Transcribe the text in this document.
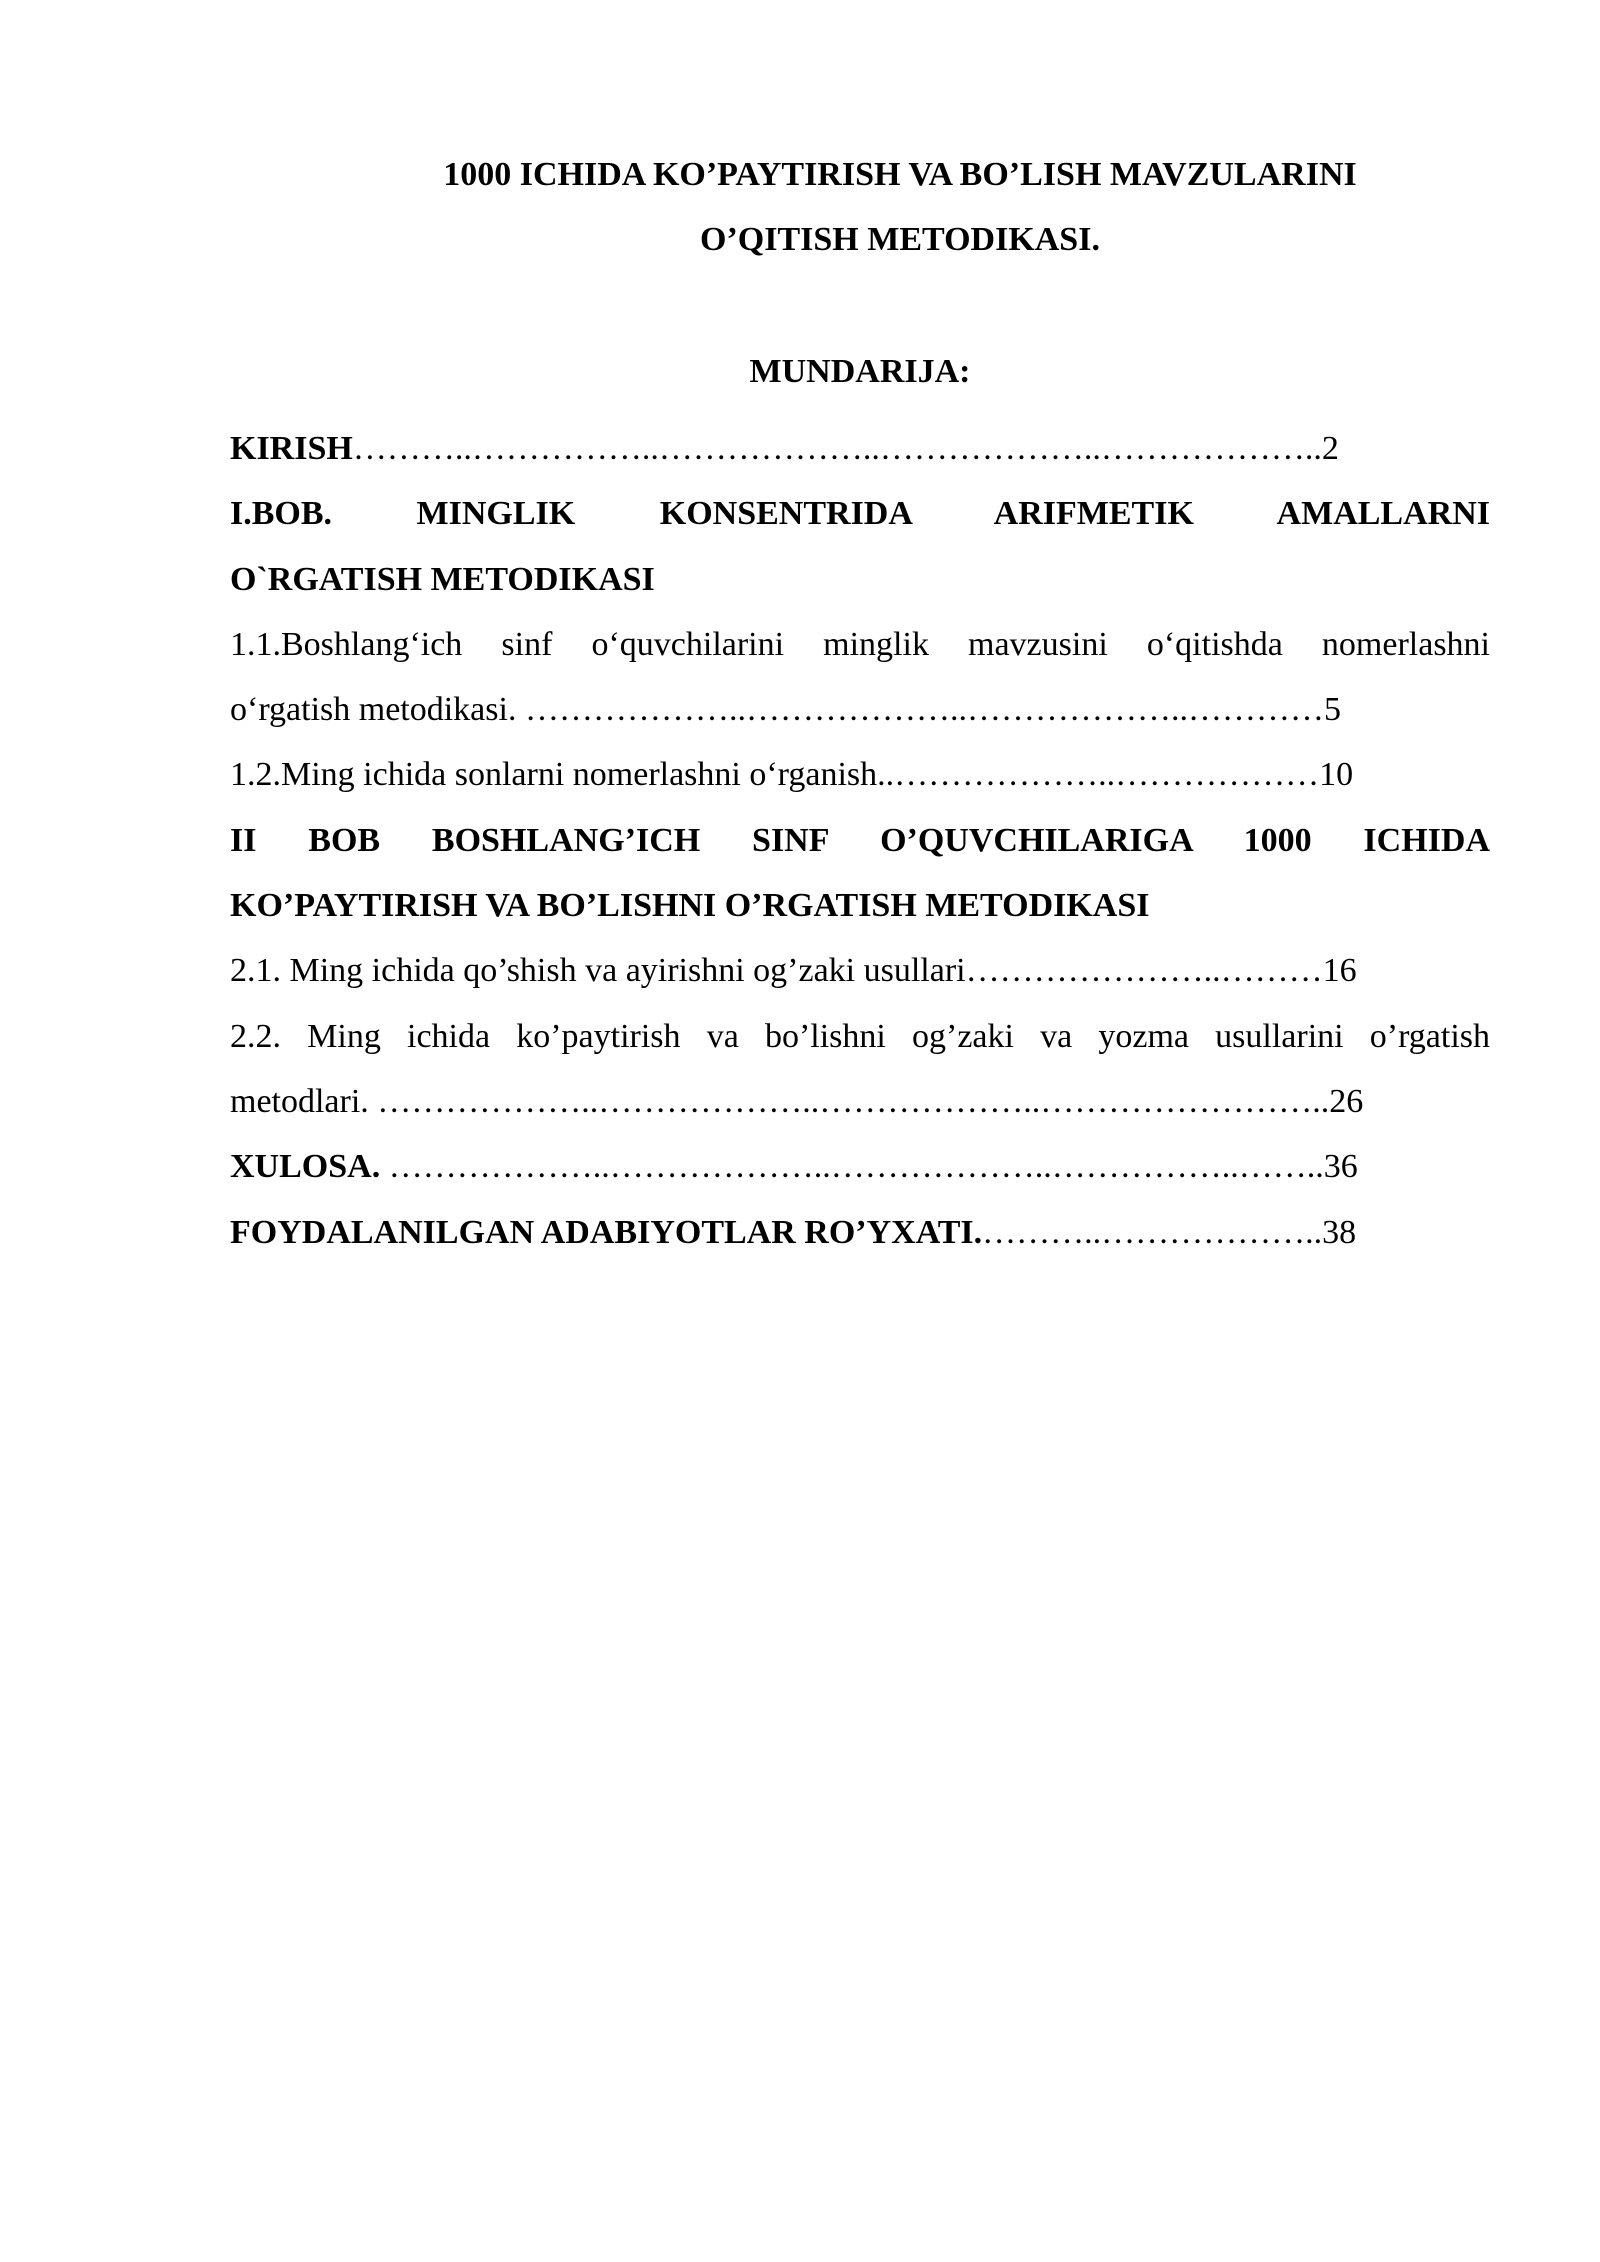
1000 ICHIDA KO’PAYTIRISH VA BO’LISH MAVZULARINI
O’QITISH METODIKASI.
MUNDARIJA:
KIRISH………..……………..………………..………………..………………..2
I.BOB. MINGLIK KONSENTRIDA ARIFMETIK AMALLARNI
O`RGATISH METODIKASI
1.1.Boshlang‘ich sinf o‘quvchilarini minglik mavzusini o‘qitishda nomerlashni
o‘rgatish metodikasi. ………………..………………..………………..…………5
1.2.Ming ichida sonlarni nomerlashni o‘rganish..………………..………………10
II BOB BOSHLANG’ICH SINF O’QUVCHILARIGA 1000 ICHIDA
KO’PAYTIRISH VA BO’LISHNI O’RGATISH METODIKASI
2.1. Ming ichida qo’shish va ayirishni og’zaki usullari…………………..………16
2.2. Ming ichida ko’paytirish va bo’lishni og’zaki va yozma usullarini o’rgatish
metodlari. ………………..………………..………………..……………………..26
XULOSA. ………………..………………..………………..……………..……..36
FOYDALANILGAN ADABIYOTLAR RO’YXATI.………..………………..38
